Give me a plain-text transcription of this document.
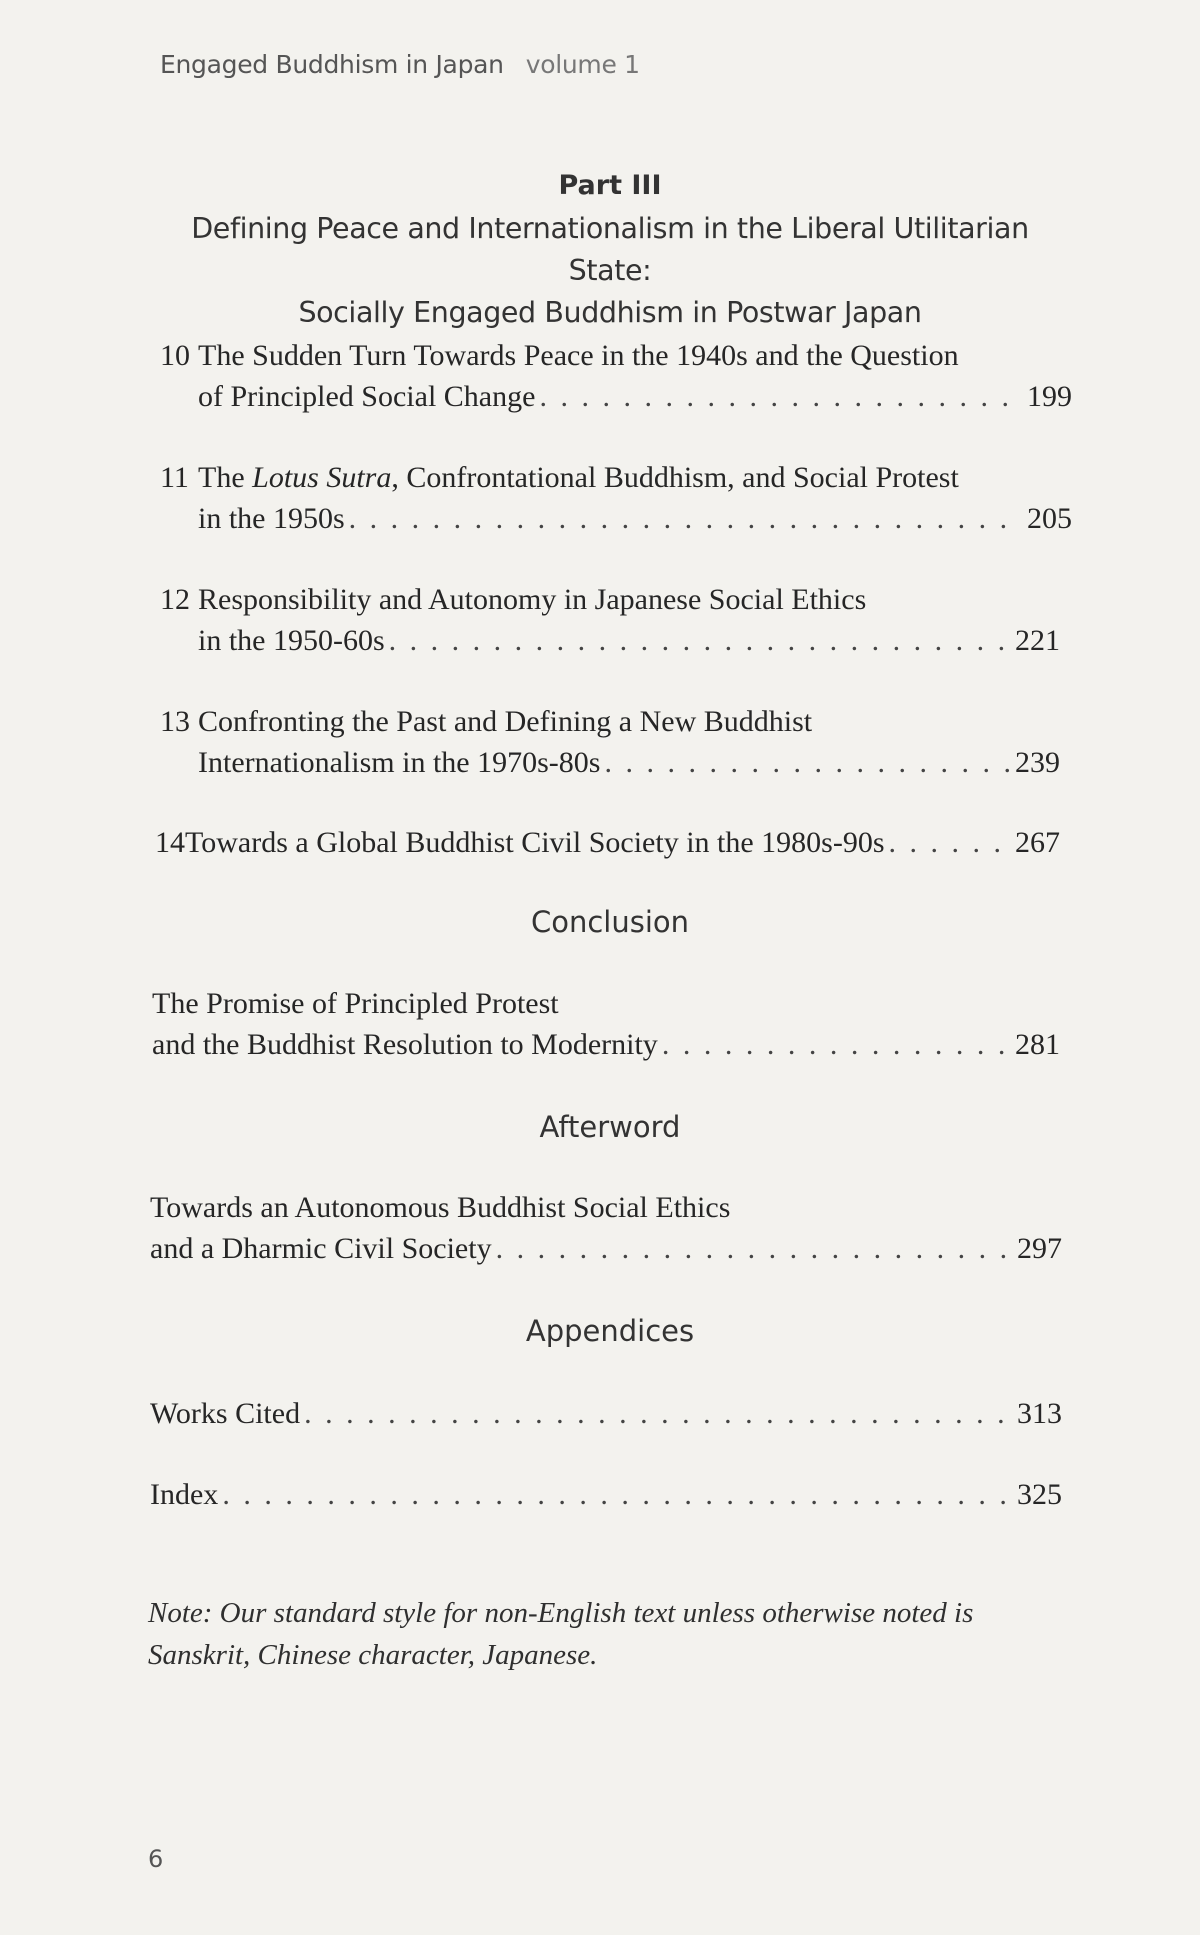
Engaged Buddhism in Japan volume 1
Part III
Defining Peace and Internationalism in the Liberal Utilitarian State:
Socially Engaged Buddhism in Postwar Japan
10 The Sudden Turn Towards Peace in the 1940s and the Question
of Principled Social Change . . .	199
11 The Lotus Sutra, Confrontational Buddhism, and Social Protest
in the 1950s . . .	205
12 Responsibility and Autonomy in Japanese Social Ethics
in the 1950-60s . . .	221
13 Confronting the Past and Defining a New Buddhist
Internationalism in the 1970s-80s . . .	239
14 Towards a Global Buddhist Civil Society in the 1980s-90s . . .	267
Conclusion
The Promise of Principled Protest
and the Buddhist Resolution to Modernity . . .	281
Afterword
Towards an Autonomous Buddhist Social Ethics
and a Dharmic Civil Society . . .	297
Appendices
Works Cited . . .	313
Index . . .	325
Note: Our standard style for non-English text unless otherwise noted is Sanskrit, Chinese character, Japanese.
6
